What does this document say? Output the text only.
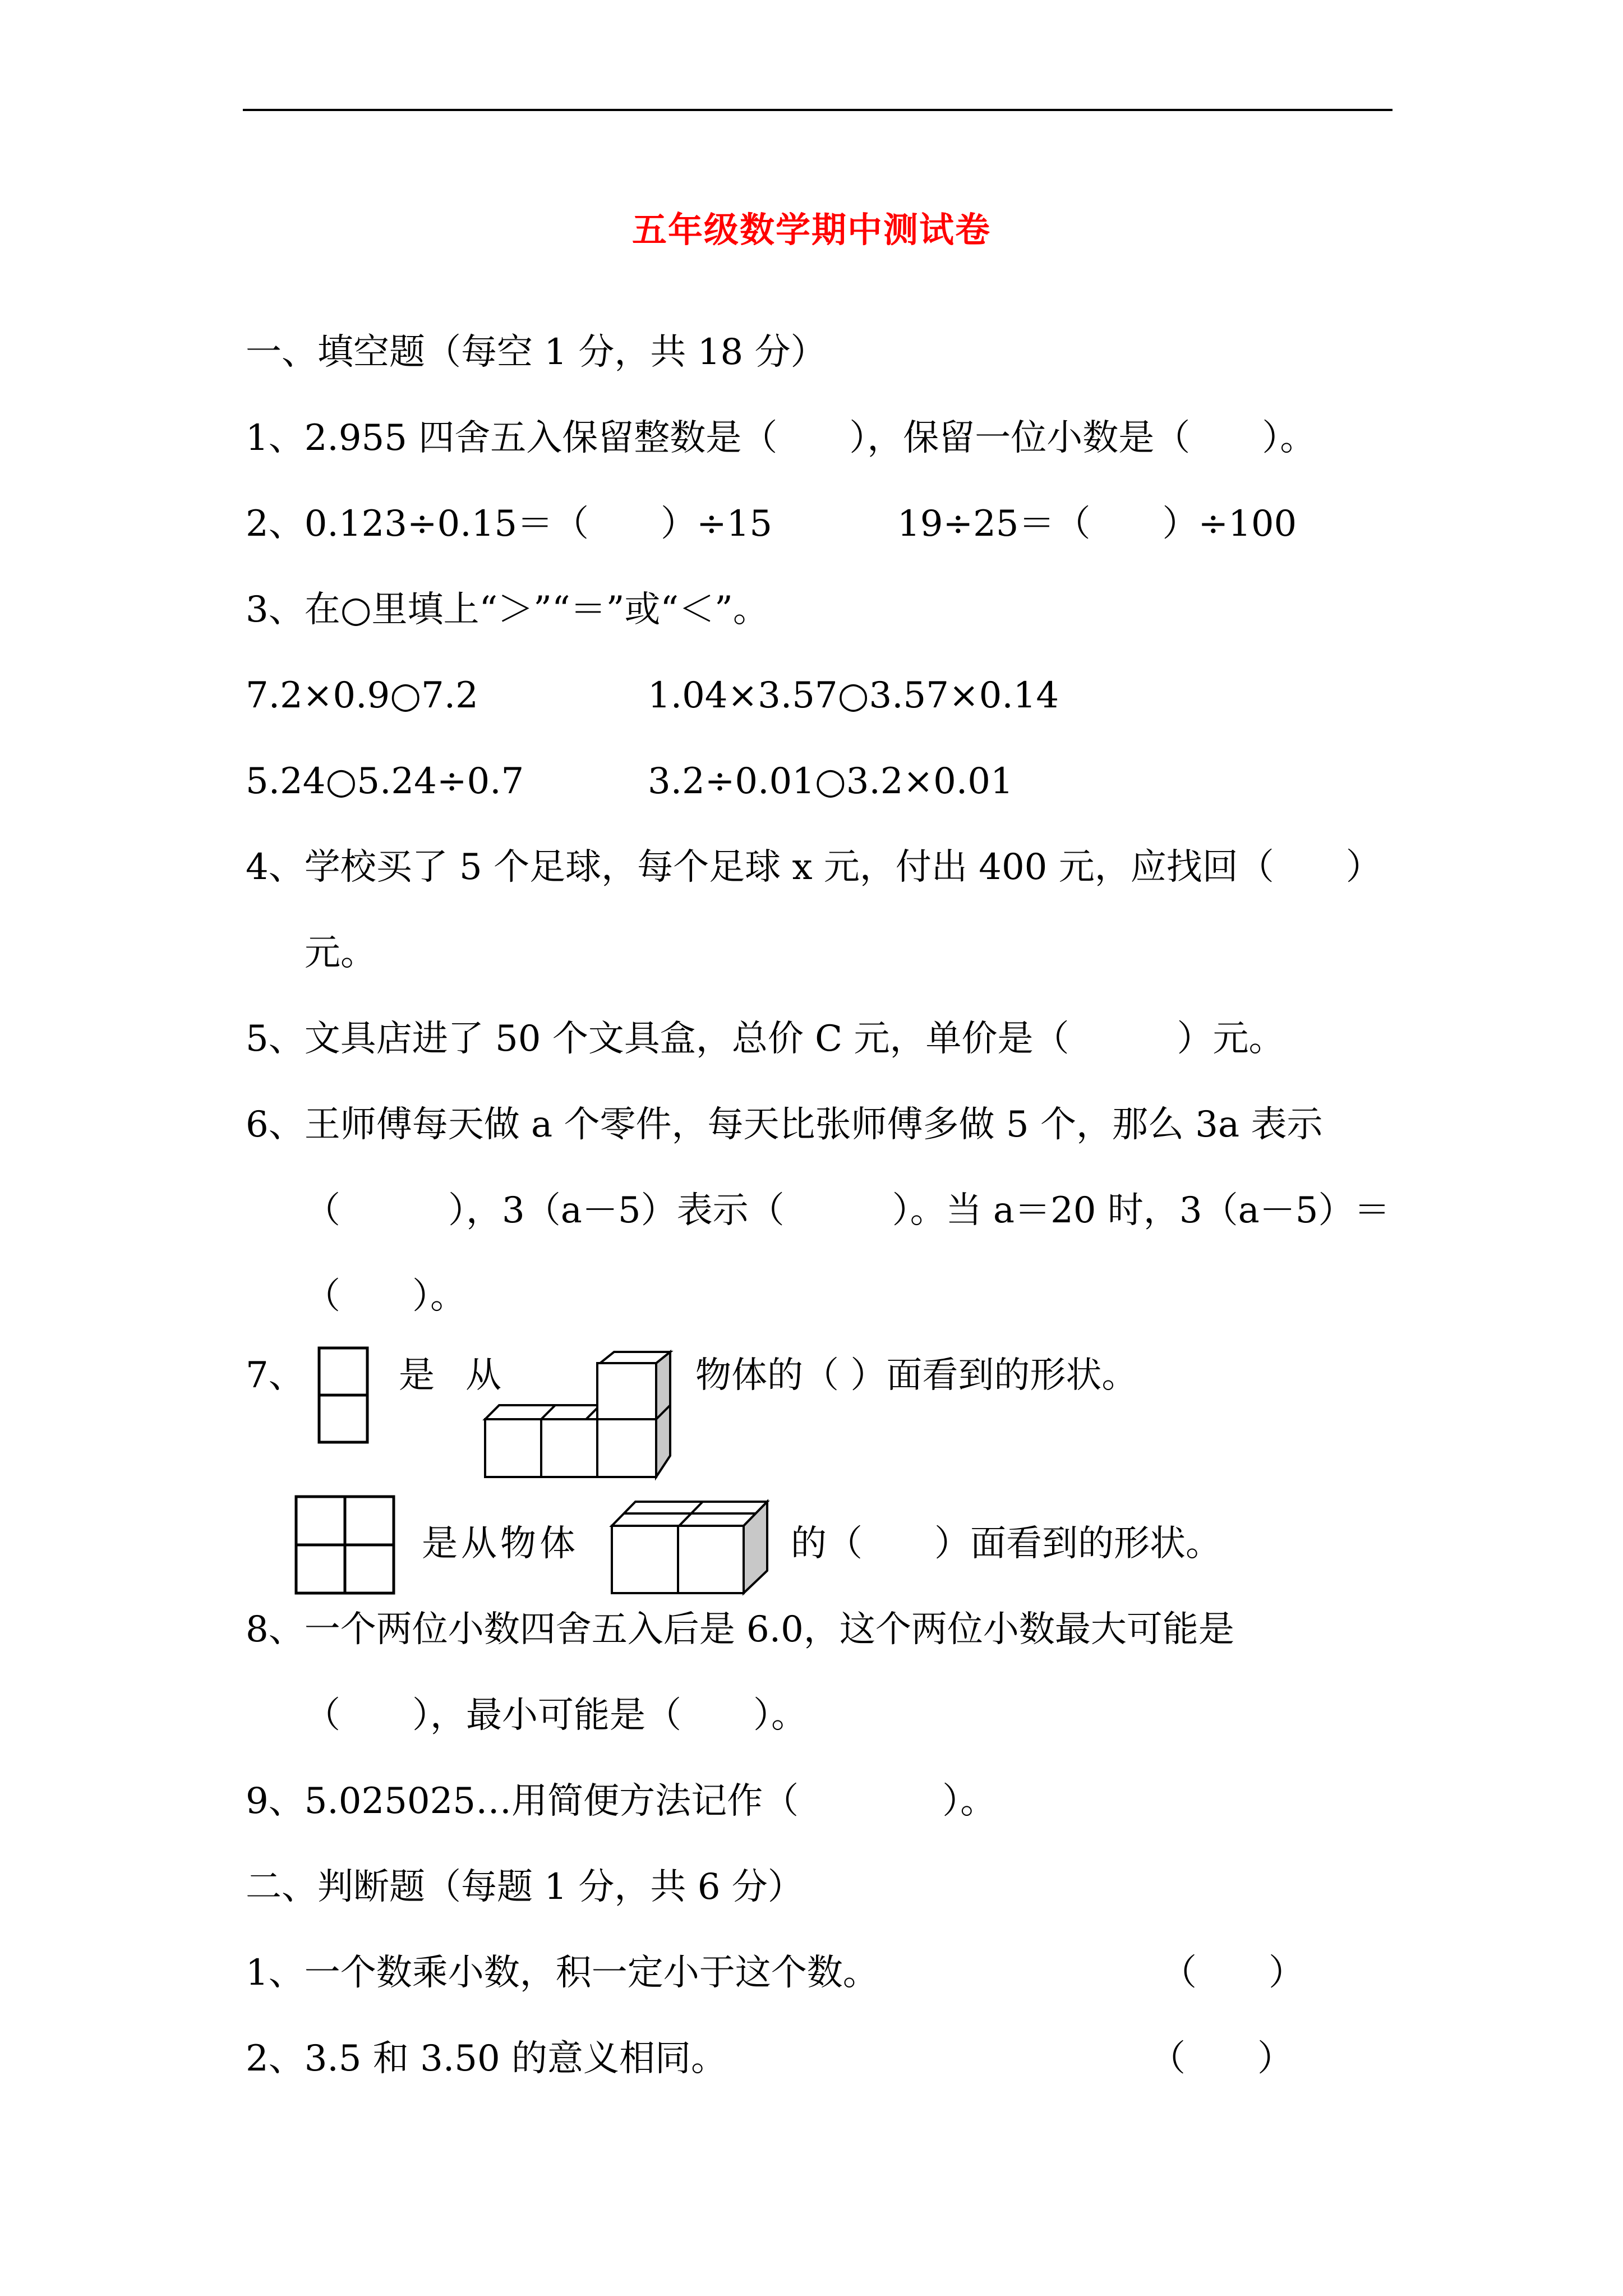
五年级数学期中测试卷
一、填空题（每空 1 分，共 18 分）
1、2.955 四舍五入保留整数是（　　），保留一位小数是（　　）。
2、0.123÷0.15＝（　　）÷15	19÷25＝（　　）÷100
3、在○里填上“＞”“＝”或“＜”。
7.2×0.9○7.2	1.04×3.57○3.57×0.14
5.24○5.24÷0.7	3.2÷0.01○3.2×0.01
4、学校买了 5 个足球，每个足球 x 元，付出 400 元，应找回（　　）
元。
5、文具店进了 50 个文具盒，总价 C 元，单价是（　　　）元。
6、王师傅每天做 a 个零件，每天比张师傅多做 5 个，那么 3a 表示
（　　　），3（a－5）表示（　　　）。当 a＝20 时，3（a－5）＝
（　　）。
7、	是 从	物体的（ ）面看到的形状。
是从物体	的（　　）面看到的形状。
8、一个两位小数四舍五入后是 6.0，这个两位小数最大可能是
（　　），最小可能是（　　）。
9、5.025025…用简便方法记作（　　　　）。
二、判断题（每题 1 分，共 6 分）
1、一个数乘小数，积一定小于这个数。	（　　）
2、3.5 和 3.50 的意义相同。	（　　）
